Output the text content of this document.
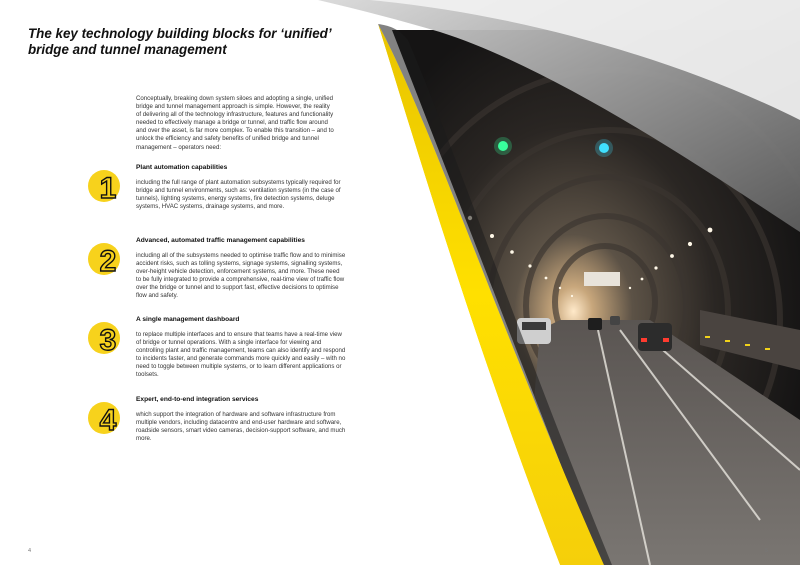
The key technology building blocks for ‘unified’
bridge and tunnel management

Conceptually, breaking down system siloes and adopting a single, unified bridge and tunnel management approach is simple. However, the reality of delivering all of the technology infrastructure, features and functionality needed to effectively manage a bridge or tunnel, and traffic flow around and over the asset, is far more complex. To enable this transition – and to unlock the efficiency and safety benefits of unified bridge and tunnel management – operators need:

1
Plant automation capabilities
including the full range of plant automation subsystems typically required for bridge and tunnel environments, such as: ventilation systems (in the case of tunnels), lighting systems, energy systems, fire detection systems, deluge systems, HVAC systems, drainage systems, and more.
2
Advanced, automated traffic management capabilities
including all of the subsystems needed to optimise traffic flow and to minimise accident risks, such as tolling systems, signage systems, signalling systems, over-height vehicle detection, enforcement systems, and more. These need to be fully integrated to provide a comprehensive, real-time view of traffic flow over the bridge or tunnel and to support fast, effective decisions to optimise flow and safety.
3
A single management dashboard
to replace multiple interfaces and to ensure that teams have a real-time view of bridge or tunnel operations. With a single interface for viewing and controlling plant and traffic management, teams can also identify and respond to incidents faster, and generate commands more quickly and easily – with no need to toggle between multiple systems, or to learn different applications or toolsets.
4
Expert, end-to-end integration services
which support the integration of hardware and software infrastructure from multiple vendors, including datacentre and end-user hardware and software, roadside sensors, smart video cameras, decision-support software, and much more.
4	5
